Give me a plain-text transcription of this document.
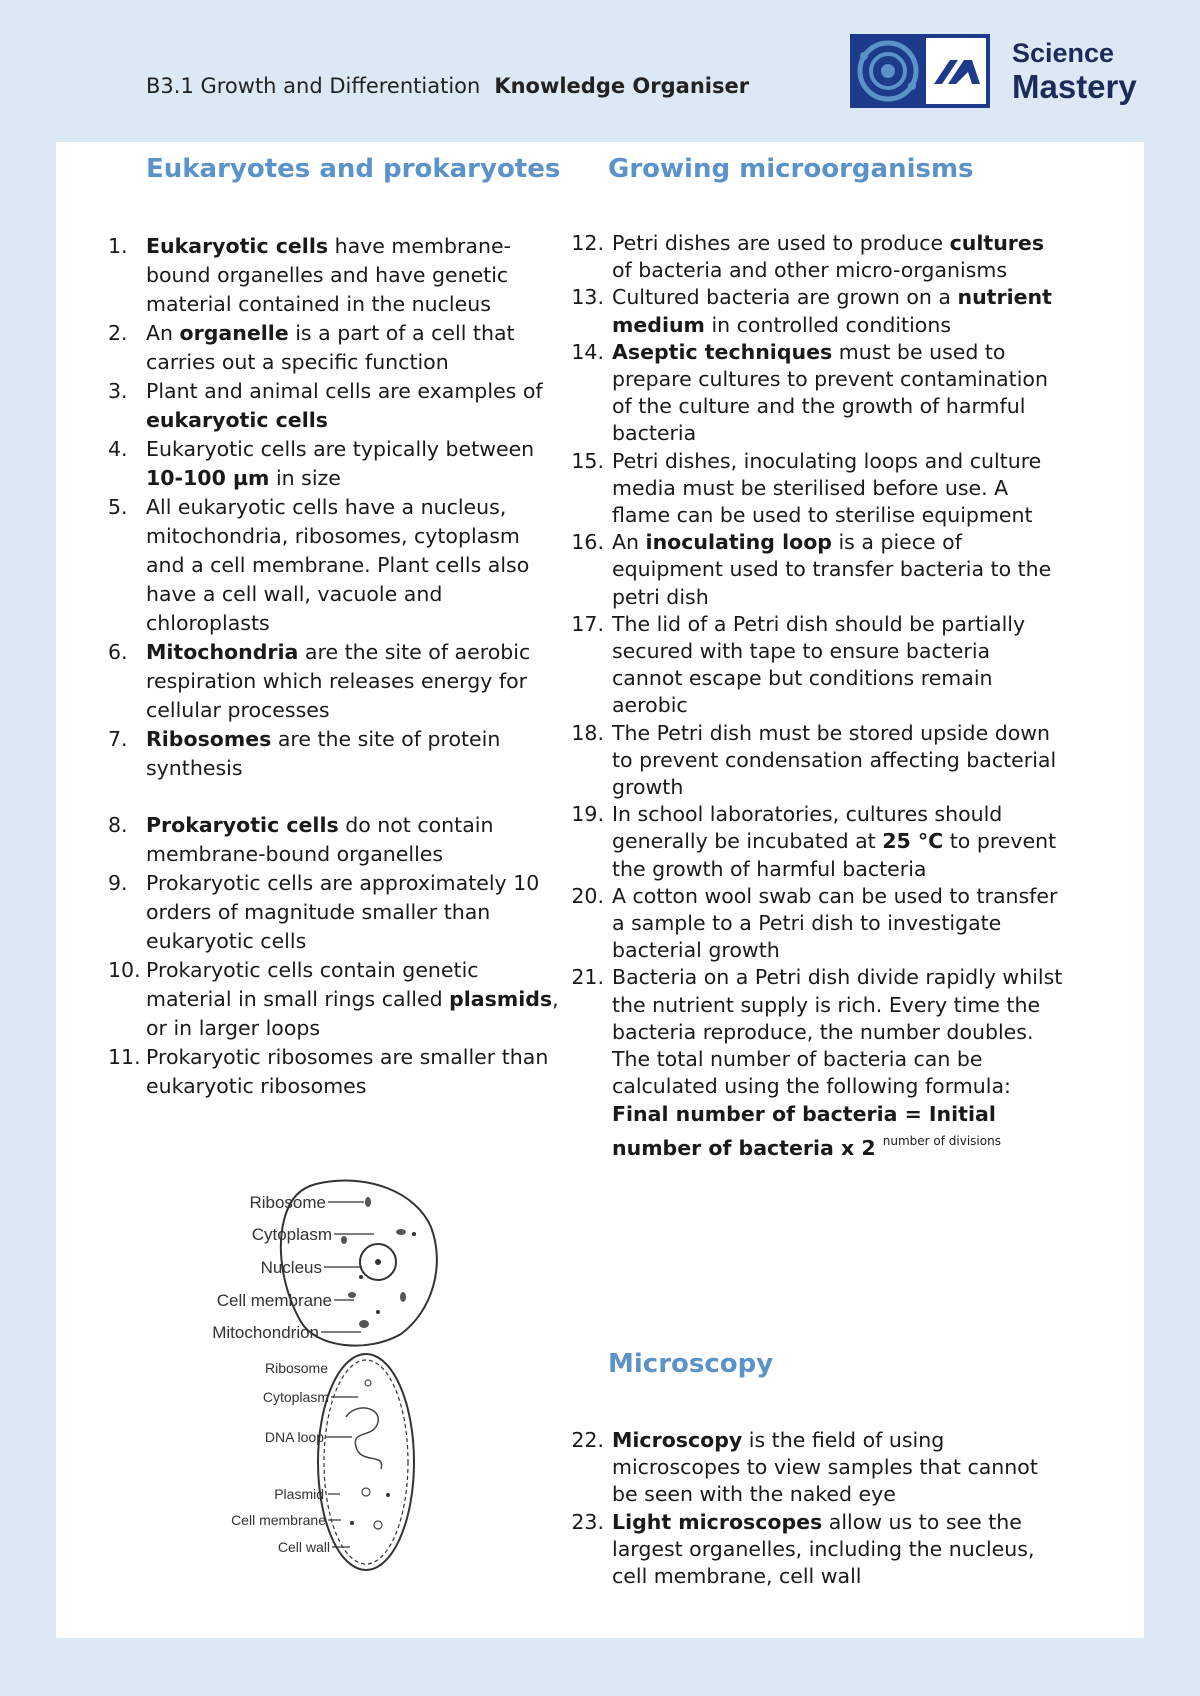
B3.1 Growth and Differentiation Knowledge Organiser
Science
Mastery
Eukaryotes and prokaryotes Growing microorganisms
1. Eukaryotic cells have membrane-bound organelles and have genetic material contained in the nucleus
2. An organelle is a part of a cell that carries out a specific function
3. Plant and animal cells are examples of eukaryotic cells
4. Eukaryotic cells are typically between 10-100 µm in size
5. All eukaryotic cells have a nucleus, mitochondria, ribosomes, cytoplasm and a cell membrane. Plant cells also have a cell wall, vacuole and chloroplasts
6. Mitochondria are the site of aerobic respiration which releases energy for cellular processes
7. Ribosomes are the site of protein synthesis
8. Prokaryotic cells do not contain membrane-bound organelles
9. Prokaryotic cells are approximately 10 orders of magnitude smaller than eukaryotic cells
10. Prokaryotic cells contain genetic material in small rings called plasmids, or in larger loops
11. Prokaryotic ribosomes are smaller than eukaryotic ribosomes
12. Petri dishes are used to produce cultures of bacteria and other micro-organisms
13. Cultured bacteria are grown on a nutrient medium in controlled conditions
14. Aseptic techniques must be used to prepare cultures to prevent contamination of the culture and the growth of harmful bacteria
15. Petri dishes, inoculating loops and culture media must be sterilised before use. A flame can be used to sterilise equipment
16. An inoculating loop is a piece of equipment used to transfer bacteria to the petri dish
17. The lid of a Petri dish should be partially secured with tape to ensure bacteria cannot escape but conditions remain aerobic
18. The Petri dish must be stored upside down to prevent condensation affecting bacterial growth
19. In school laboratories, cultures should generally be incubated at 25 °C to prevent the growth of harmful bacteria
20. A cotton wool swab can be used to transfer a sample to a Petri dish to investigate bacterial growth
21. Bacteria on a Petri dish divide rapidly whilst the nutrient supply is rich. Every time the bacteria reproduce, the number doubles. The total number of bacteria can be calculated using the following formula:
Final number of bacteria = Initial number of bacteria x 2 $^{number of divisions}$
Microscopy
22. Microscopy is the field of using microscopes to view samples that cannot be seen with the naked eye
23. Light microscopes allow us to see the largest organelles, including the nucleus, cell membrane, cell wall
Ribosome
Cytoplasm
Nucleus
Cell membrane
Mitochondrion
Ribosome
Cytoplasm
DNA loop
Plasmid
Cell membrane
Cell wall
